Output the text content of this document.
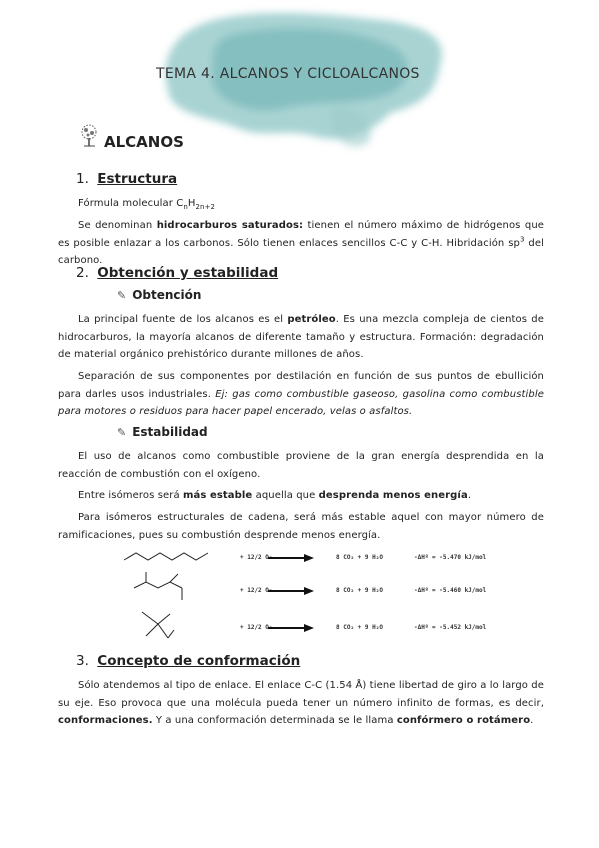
TEMA 4. ALCANOS Y CICLOALCANOS
ALCANOS
1. Estructura
Fórmula molecular $C_nH_{2n+2}$
Se denominan hidrocarburos saturados: tienen el número máximo de hidrógenos que es posible enlazar a los carbonos. Sólo tienen enlaces sencillos C-C y C-H. Hibridación $sp^3$ del carbono.
2. Obtención y estabilidad
✎ Obtención
La principal fuente de los alcanos es el petróleo. Es una mezcla compleja de cientos de hidrocarburos, la mayoría alcanos de diferente tamaño y estructura. Formación: degradación de material orgánico prehistórico durante millones de años.
Separación de sus componentes por destilación en función de sus puntos de ebullición para darles usos industriales. Ej: gas como combustible gaseoso, gasolina como combustible para motores o residuos para hacer papel encerado, velas o asfaltos.
✎ Estabilidad
El uso de alcanos como combustible proviene de la gran energía desprendida en la reacción de combustión con el oxígeno.
Entre isómeros será más estable aquella que desprenda menos energía.
Para isómeros estructurales de cadena, será más estable aquel con mayor número de ramificaciones, pues su combustión desprende menos energía.
+ 12/2 O₂ →	8 CO₂ + 9 H₂O	-ΔHº = -5.470 kJ/mol
+ 12/2 O₂ →	8 CO₂ + 9 H₂O	-ΔHº = -5.460 kJ/mol
+ 12/2 O₂ →	8 CO₂ + 9 H₂O	-ΔHº = -5.452 kJ/mol
3. Concepto de conformación
Sólo atendemos al tipo de enlace. El enlace C-C (1.54 Å) tiene libertad de giro a lo largo de su eje. Eso provoca que una molécula pueda tener un número infinito de formas, es decir, conformaciones. Y a una conformación determinada se le llama confórmero o rotámero.
